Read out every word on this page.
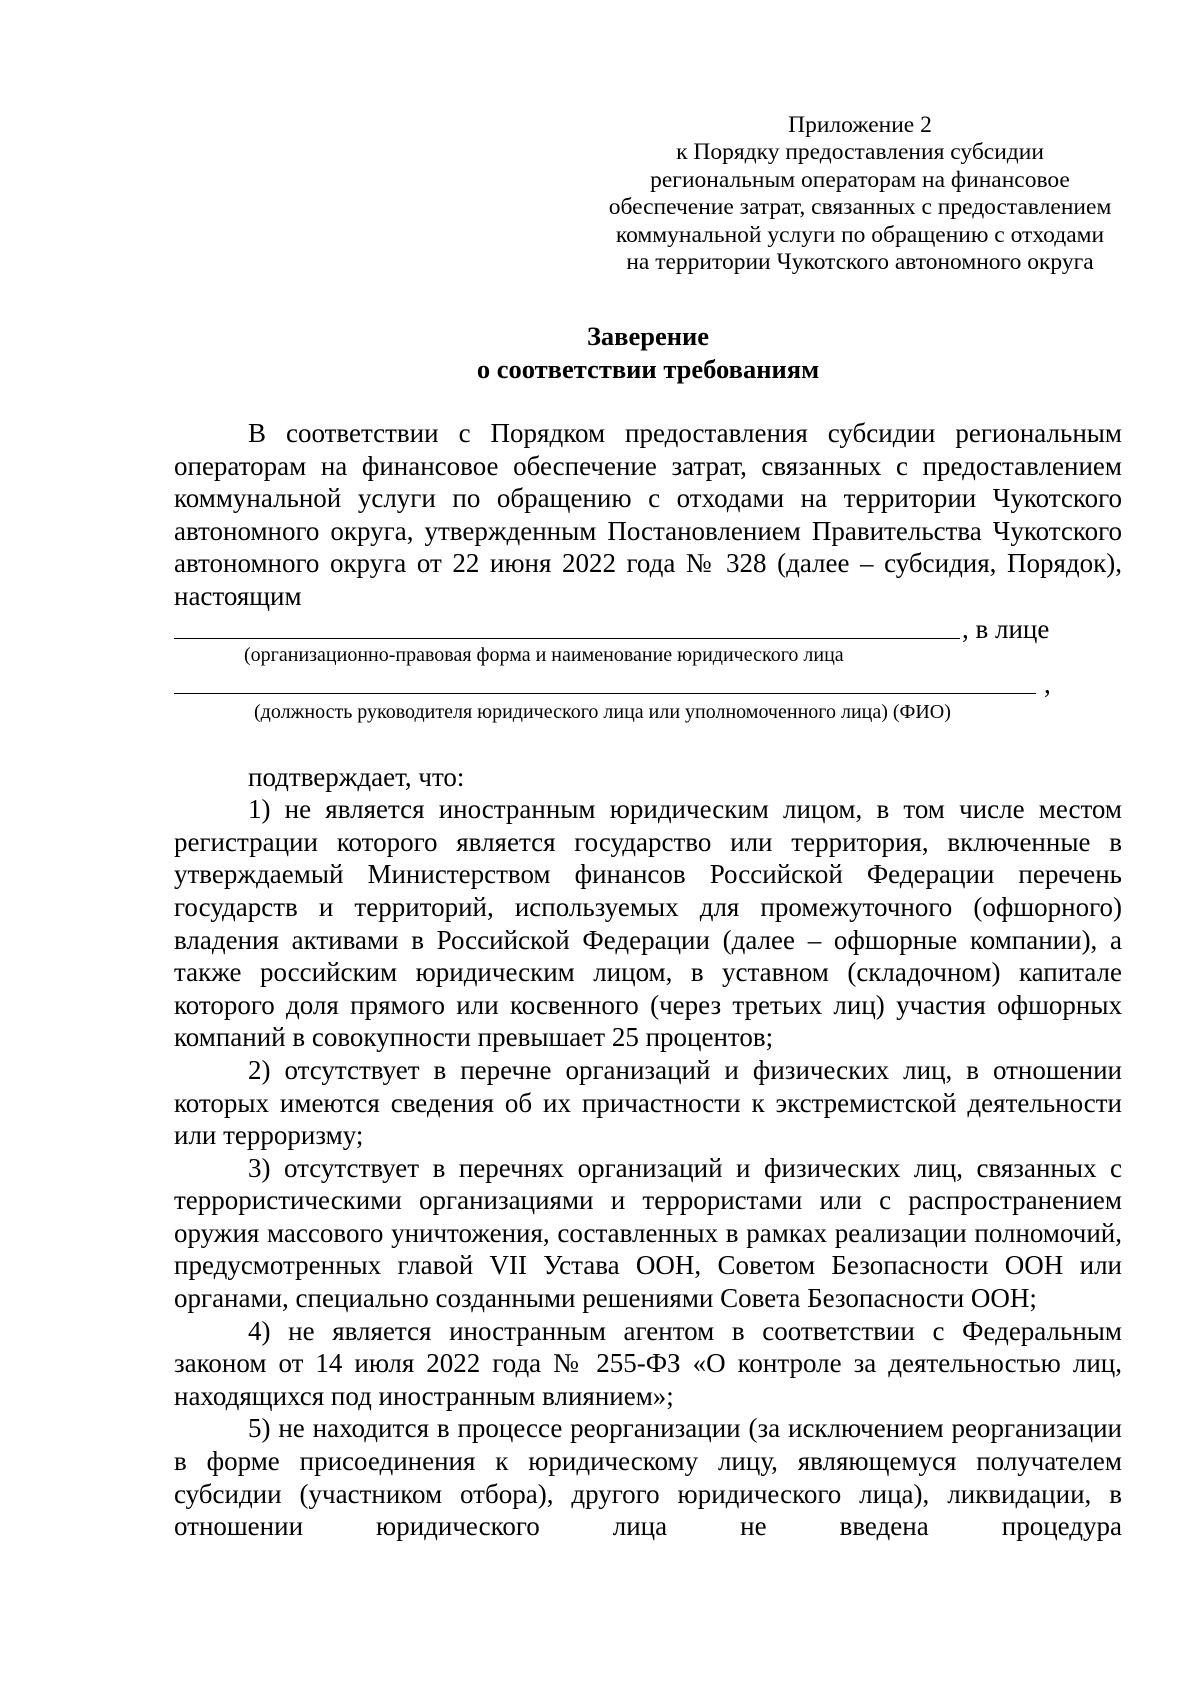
Приложение 2
к Порядку предоставления субсидии
региональным операторам на финансовое
обеспечение затрат, связанных с предоставлением
коммунальной услуги по обращению с отходами
на территории Чукотского автономного округа
Заверение
о соответствии требованиям

В соответствии с Порядком предоставления субсидии региональным операторам на финансовое обеспечение затрат, связанных с предоставлением коммунальной услуги по обращению с отходами на территории Чукотского автономного округа, утвержденным Постановлением Правительства Чукотского автономного округа от 22 июня 2022 года № 328 (далее – субсидия, Порядок), настоящим

, в лице
(организационно-правовая форма и наименование юридического лица
,
(должность руководителя юридического лица или уполномоченного лица) (ФИО)
подтверждает, что:

1) не является иностранным юридическим лицом, в том числе местом регистрации которого является государство или территория, включенные в утверждаемый Министерством финансов Российской Федерации перечень государств и территорий, используемых для промежуточного (офшорного) владения активами в Российской Федерации (далее – офшорные компании), а также российским юридическим лицом, в уставном (складочном) капитале которого доля прямого или косвенного (через третьих лиц) участия офшорных компаний в совокупности превышает 25 процентов;

2) отсутствует в перечне организаций и физических лиц, в отношении которых имеются сведения об их причастности к экстремистской деятельности или терроризму;

3) отсутствует в перечнях организаций и физических лиц, связанных с террористическими организациями и террористами или с распространением оружия массового уничтожения, составленных в рамках реализации полномочий, предусмотренных главой VII Устава ООН, Советом Безопасности ООН или органами, специально созданными решениями Совета Безопасности ООН;

4) не является иностранным агентом в соответствии с Федеральным законом от 14 июля 2022 года № 255-ФЗ «О контроле за деятельностью лиц, находящихся под иностранным влиянием»;

5) не находится в процессе реорганизации (за исключением реорганизации в форме присоединения к юридическому лицу, являющемуся получателем субсидии (участником отбора), другого юридического лица), ликвидации, в отношении юридического лица не введена процедура
